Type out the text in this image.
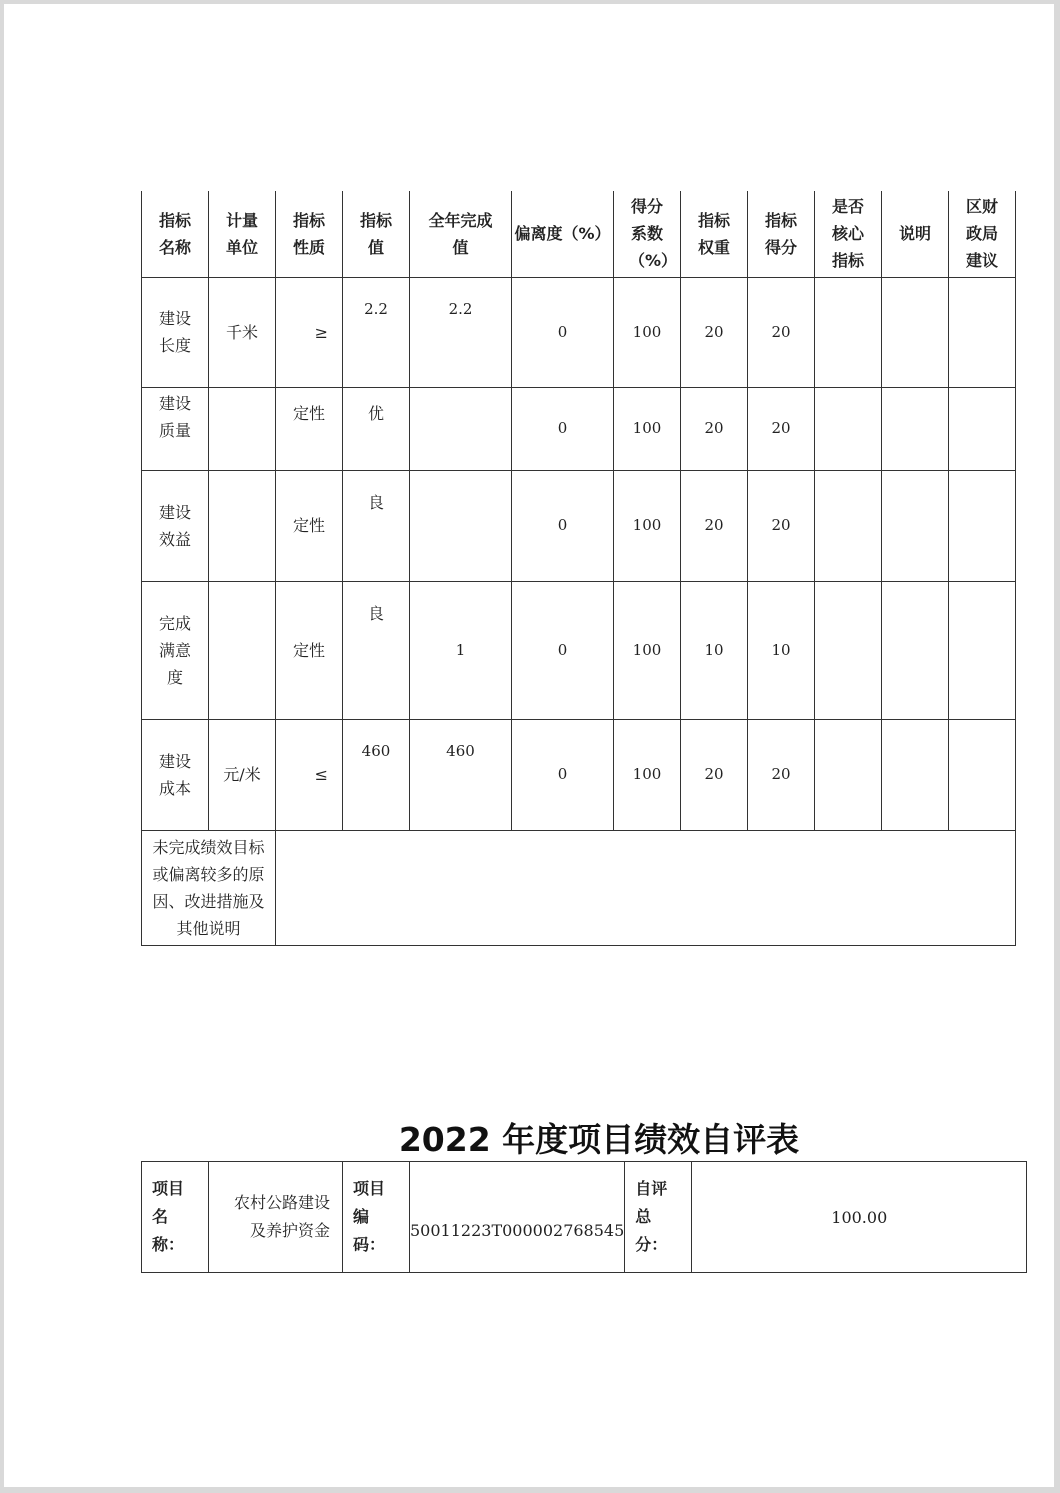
指标名称	计量单位	指标性质	指标值	全年完成值	偏离度（%）	得分系数（%）	指标权重	指标得分	是否核心指标	说明	区财政局建议
建设长度	千米	≥	2.2	2.2	0	100	20	20			
建设质量		定性	优		0	100	20	20			
建设效益		定性	良		0	100	20	20			
完成满意度		定性	良	1	0	100	10	10			
建设成本	元/米	≤	460	460	0	100	20	20			
未完成绩效目标或偏离较多的原因、改进措施及其他说明											
2022 年度项目绩效自评表
项目名称：	农村公路建设及养护资金	项目编码：	50011223T000002768545	自评总分：	100.00
